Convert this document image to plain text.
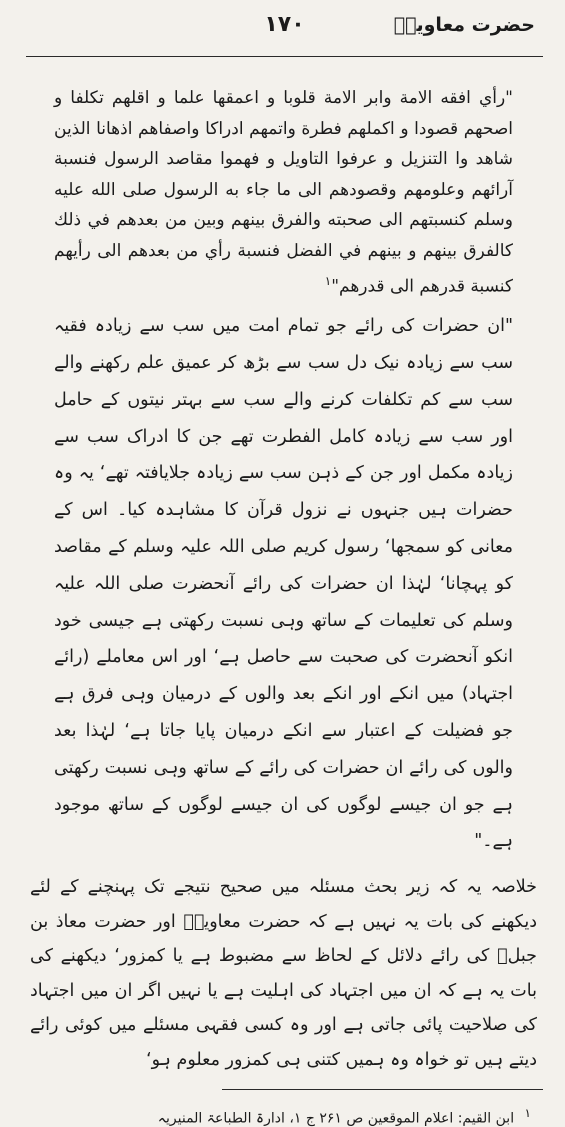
حضرت معاویہؓ
۱۷۰

"رأي افقه الامة وابر الامة قلوبا و اعمقها علما و اقلهم تكلفا و اصحهم قصودا و اكملهم فطرة واتمهم ادراكا واصفاهم اذهانا الذين شاهد وا التنزيل و عرفوا التاويل و فهموا مقاصد الرسول فنسبة آرائهم وعلومهم وقصودهم الى ما جاء به الرسول صلى الله عليه وسلم كنسبتهم الى صحبته والفرق بينهم وبين من بعدهم في ذلك كالفرق بينهم و بينهم في الفضل فنسبة رأي من بعدهم الى رأيهم كنسبة قدرهم الى قدرهم"$^۱$

"ان حضرات کی رائے جو تمام امت میں سب سے زیادہ فقیہ سب سے زیادہ نیک دل سب سے بڑھ کر عمیق علم رکھنے والے سب سے کم تکلفات کرنے والے سب سے بہتر نیتوں کے حامل اور سب سے زیادہ کامل الفطرت تھے جن کا ادراک سب سے زیادہ مکمل اور جن کے ذہن سب سے زیادہ جلایافتہ تھے‘ یہ وہ حضرات ہیں جنہوں نے نزول قرآن کا مشاہدہ کیا۔ اس کے معانی کو سمجھا‘ رسول کریم صلی اللہ علیہ وسلم کے مقاصد کو پہچانا‘ لہٰذا ان حضرات کی رائے آنحضرت صلی اللہ علیہ وسلم کی تعلیمات کے ساتھ وہی نسبت رکھتی ہے جیسی خود انکو آنحضرت کی صحبت سے حاصل ہے‘ اور اس معاملے (رائے اجتہاد) میں انکے اور انکے بعد والوں کے درمیان وہی فرق ہے جو فضیلت کے اعتبار سے انکے درمیان پایا جاتا ہے‘ لہٰذا بعد والوں کی رائے ان حضرات کی رائے کے ساتھ وہی نسبت رکھتی ہے جو ان جیسے لوگوں کی ان جیسے لوگوں کے ساتھ موجود ہے۔"

خلاصہ یہ کہ زیر بحث مسئلہ میں صحیح نتیجے تک پہنچنے کے لئے دیکھنے کی بات یہ نہیں ہے کہ حضرت معاویہؓ اور حضرت معاذ بن جبلؓ کی رائے دلائل کے لحاظ سے مضبوط ہے یا کمزور‘ دیکھنے کی بات یہ ہے کہ ان میں اجتہاد کی اہلیت ہے یا نہیں اگر ان میں اجتہاد کی صلاحیت پائی جاتی ہے اور وہ کسی فقہی مسئلے میں کوئی رائے دیتے ہیں تو خواہ وہ ہمیں کتنی ہی کمزور معلوم ہو‘

۱ ابن القیم: اعلام الموقعین ص ۲۶۱ ج ۱، ادارۃ الطباعۃ المنیریہ
